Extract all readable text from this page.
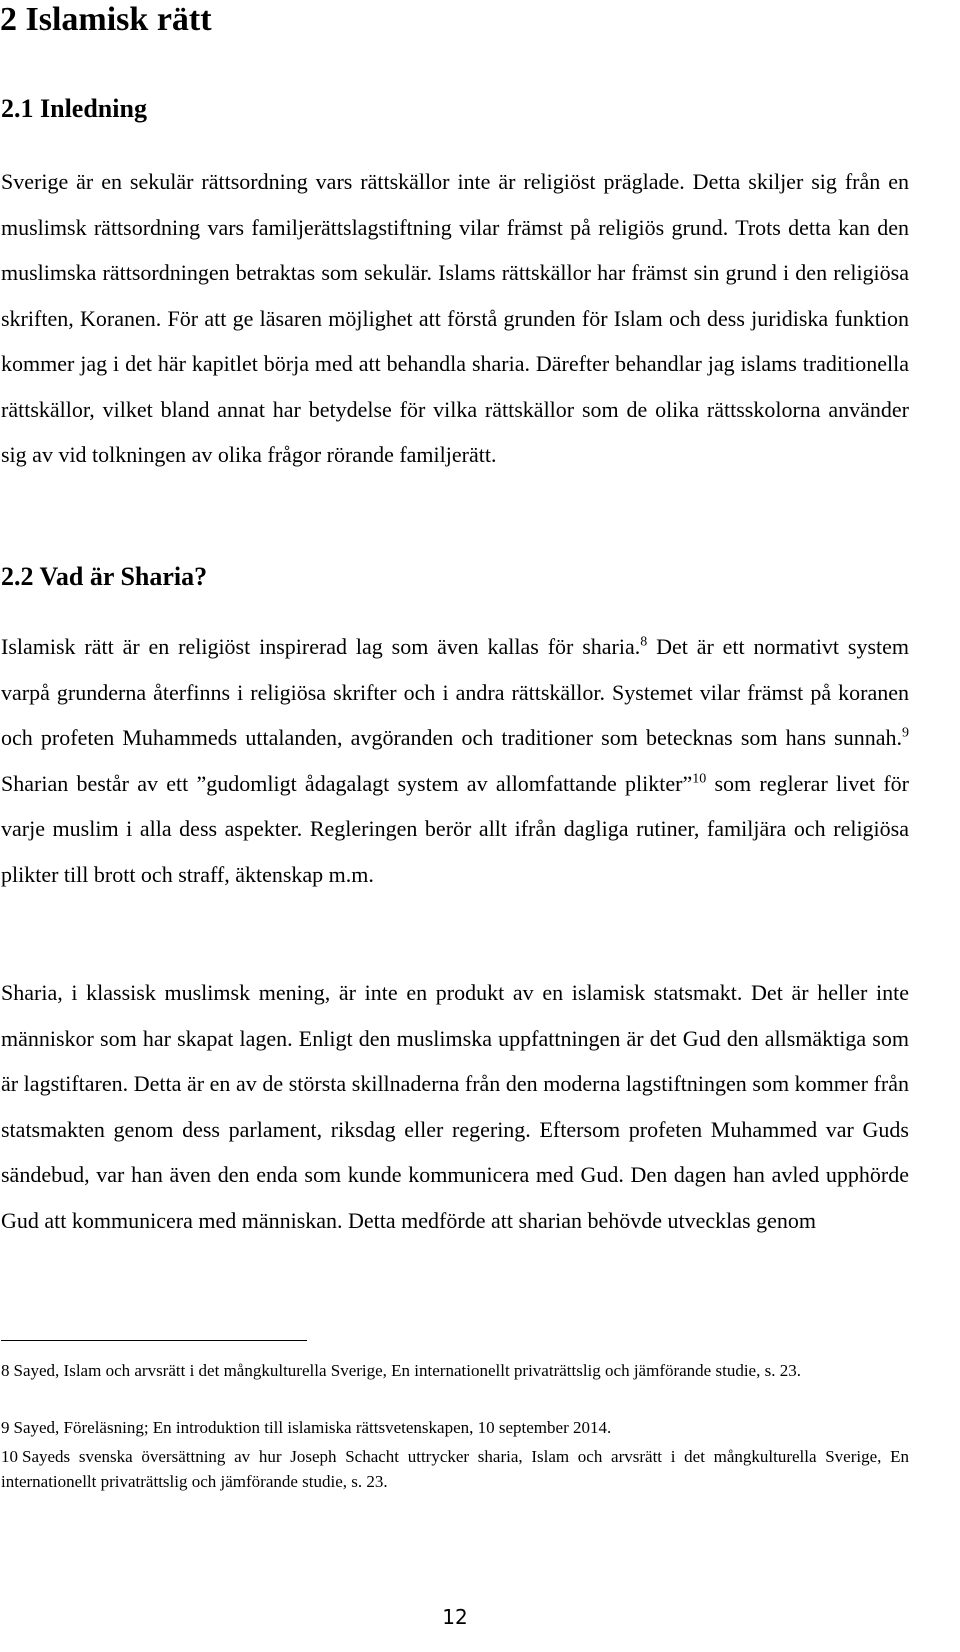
2 Islamisk rätt
2.1 Inledning
Sverige är en sekulär rättsordning vars rättskällor inte är religiöst präglade. Detta skiljer sig från en muslimsk rättsordning vars familjerättslagstiftning vilar främst på religiös grund. Trots detta kan den muslimska rättsordningen betraktas som sekulär. Islams rättskällor har främst sin grund i den religiösa skriften, Koranen. För att ge läsaren möjlighet att förstå grunden för Islam och dess juridiska funktion kommer jag i det här kapitlet börja med att behandla sharia. Därefter behandlar jag islams traditionella rättskällor, vilket bland annat har betydelse för vilka rättskällor som de olika rättsskolorna använder sig av vid tolkningen av olika frågor rörande familjerätt.
2.2 Vad är Sharia?
Islamisk rätt är en religiöst inspirerad lag som även kallas för sharia.$^8$ Det är ett normativt system varpå grunderna återfinns i religiösa skrifter och i andra rättskällor. Systemet vilar främst på koranen och profeten Muhammeds uttalanden, avgöranden och traditioner som betecknas som hans sunnah.$^9$ Sharian består av ett ”gudomligt ådagalagt system av allomfattande plikter”$^{10}$ som reglerar livet för varje muslim i alla dess aspekter. Regleringen berör allt ifrån dagliga rutiner, familjära och religiösa plikter till brott och straff, äktenskap m.m.
Sharia, i klassisk muslimsk mening, är inte en produkt av en islamisk statsmakt. Det är heller inte människor som har skapat lagen. Enligt den muslimska uppfattningen är det Gud den allsmäktiga som är lagstiftaren. Detta är en av de största skillnaderna från den moderna lagstiftningen som kommer från statsmakten genom dess parlament, riksdag eller regering. Eftersom profeten Muhammed var Guds sändebud, var han även den enda som kunde kommunicera med Gud. Den dagen han avled upphörde Gud att kommunicera med människan. Detta medförde att sharian behövde utvecklas genom
8 Sayed, Islam och arvsrätt i det mångkulturella Sverige, En internationellt privaträttslig och jämförande studie, s. 23.
9 Sayed, Föreläsning; En introduktion till islamiska rättsvetenskapen, 10 september 2014.
10 Sayeds svenska översättning av hur Joseph Schacht uttrycker sharia, Islam och arvsrätt i det mångkulturella Sverige, En internationellt privaträttslig och jämförande studie, s. 23.
12
